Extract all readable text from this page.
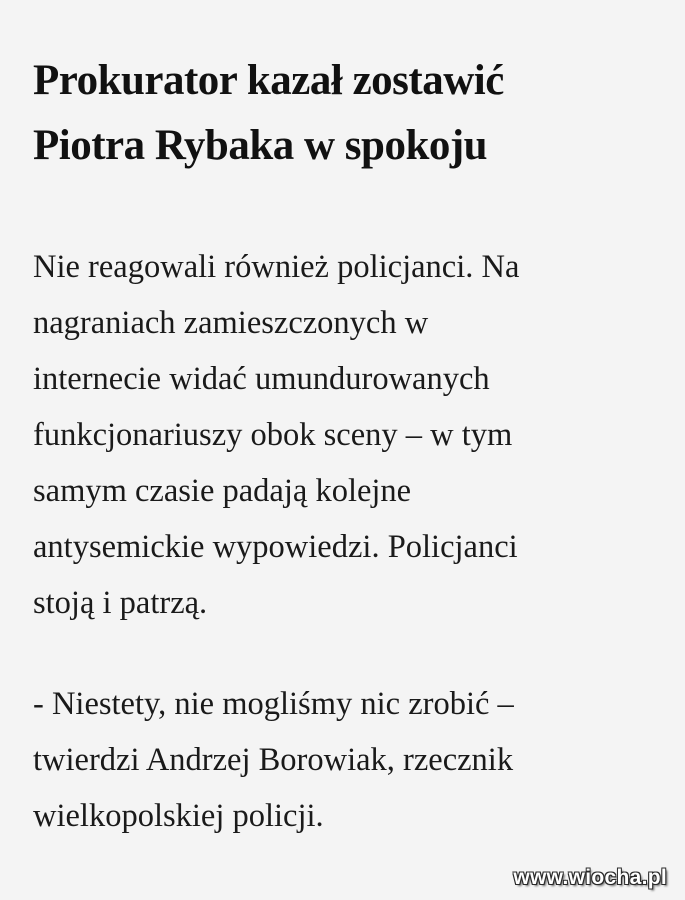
Prokurator kazał zostawić
Piotra Rybaka w spokoju

Nie reagowali również policjanci. Na
nagraniach zamieszczonych w
internecie widać umundurowanych
funkcjonariuszy obok sceny – w tym
samym czasie padają kolejne
antysemickie wypowiedzi. Policjanci
stoją i patrzą.

- Niestety, nie mogliśmy nic zrobić –
twierdzi Andrzej Borowiak, rzecznik
wielkopolskiej policji.

www.wiocha.pl
